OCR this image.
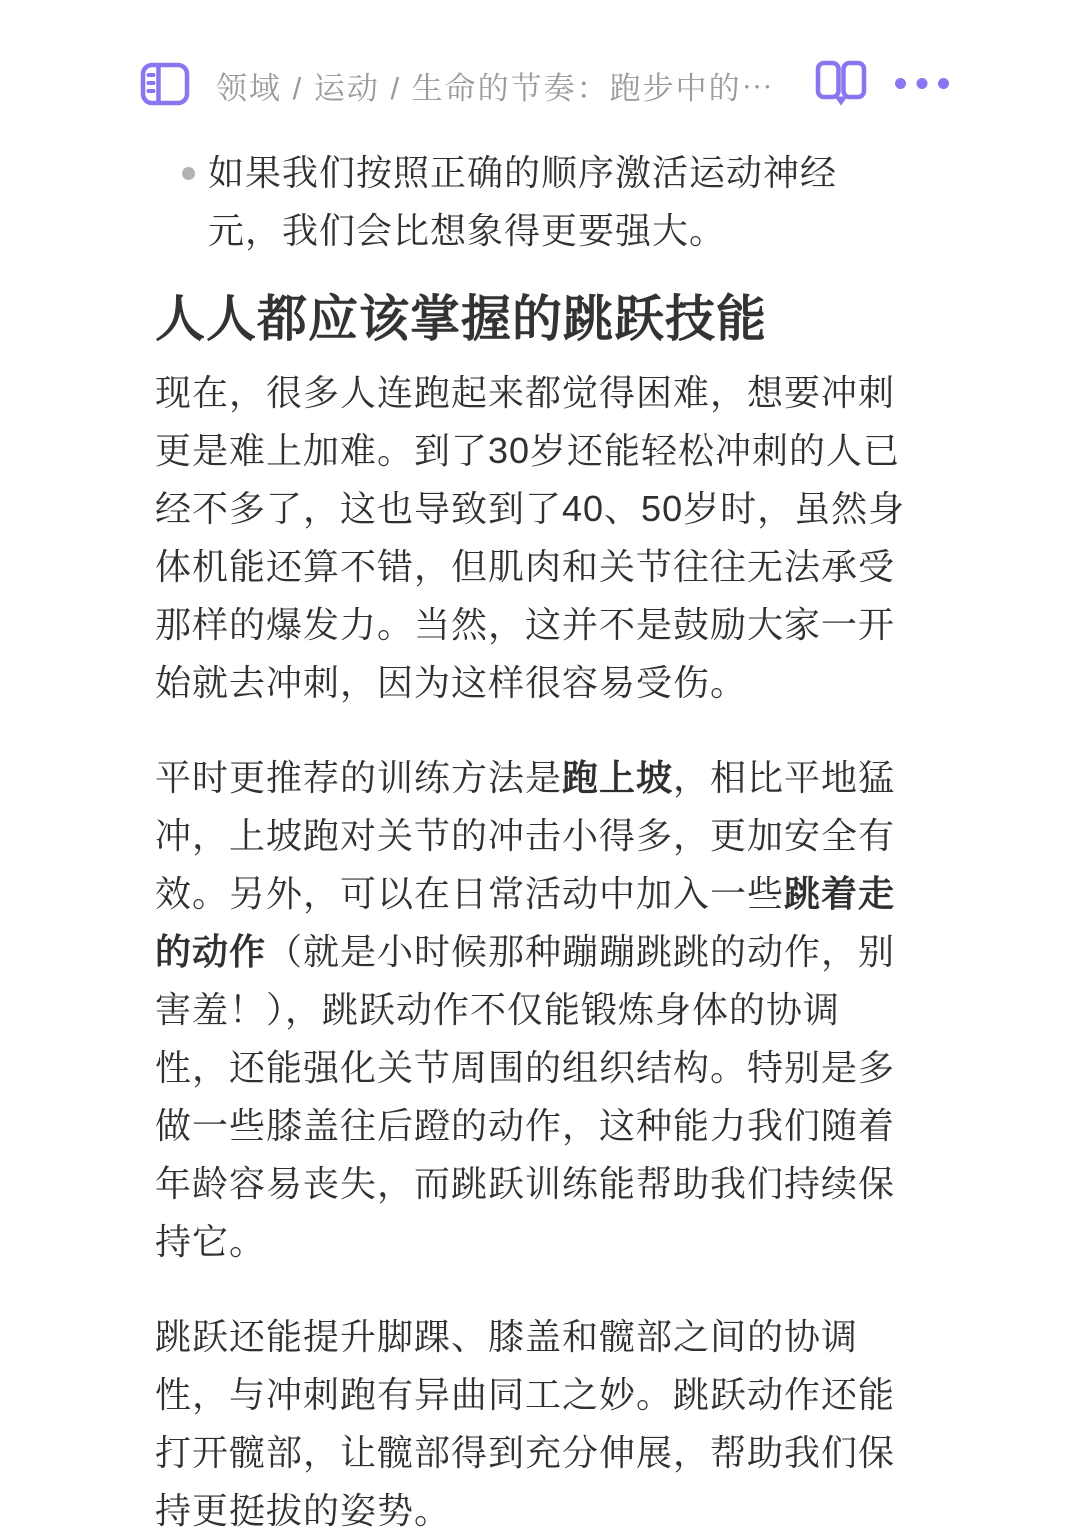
领域 / 运动 / 生命的节奏：跑步中的⋯
如果我们按照正确的顺序激活运动神经元，我们会比想象得更要强大。
人人都应该掌握的跳跃技能

现在，很多人连跑起来都觉得困难，想要冲刺更是难上加难。到了30岁还能轻松冲刺的人已经不多了，这也导致到了40、50岁时，虽然身体机能还算不错，但肌肉和关节往往无法承受那样的爆发力。当然，这并不是鼓励大家一开始就去冲刺，因为这样很容易受伤。

平时更推荐的训练方法是跑上坡，相比平地猛冲，上坡跑对关节的冲击小得多，更加安全有效。另外，可以在日常活动中加入一些跳着走的动作（就是小时候那种蹦蹦跳跳的动作，别害羞！），跳跃动作不仅能锻炼身体的协调性，还能强化关节周围的组织结构。特别是多做一些膝盖往后蹬的动作，这种能力我们随着年龄容易丧失，而跳跃训练能帮助我们持续保持它。

跳跃还能提升脚踝、膝盖和髋部之间的协调性，与冲刺跑有异曲同工之妙。跳跃动作还能打开髋部，让髋部得到充分伸展，帮助我们保持更挺拔的姿势。
